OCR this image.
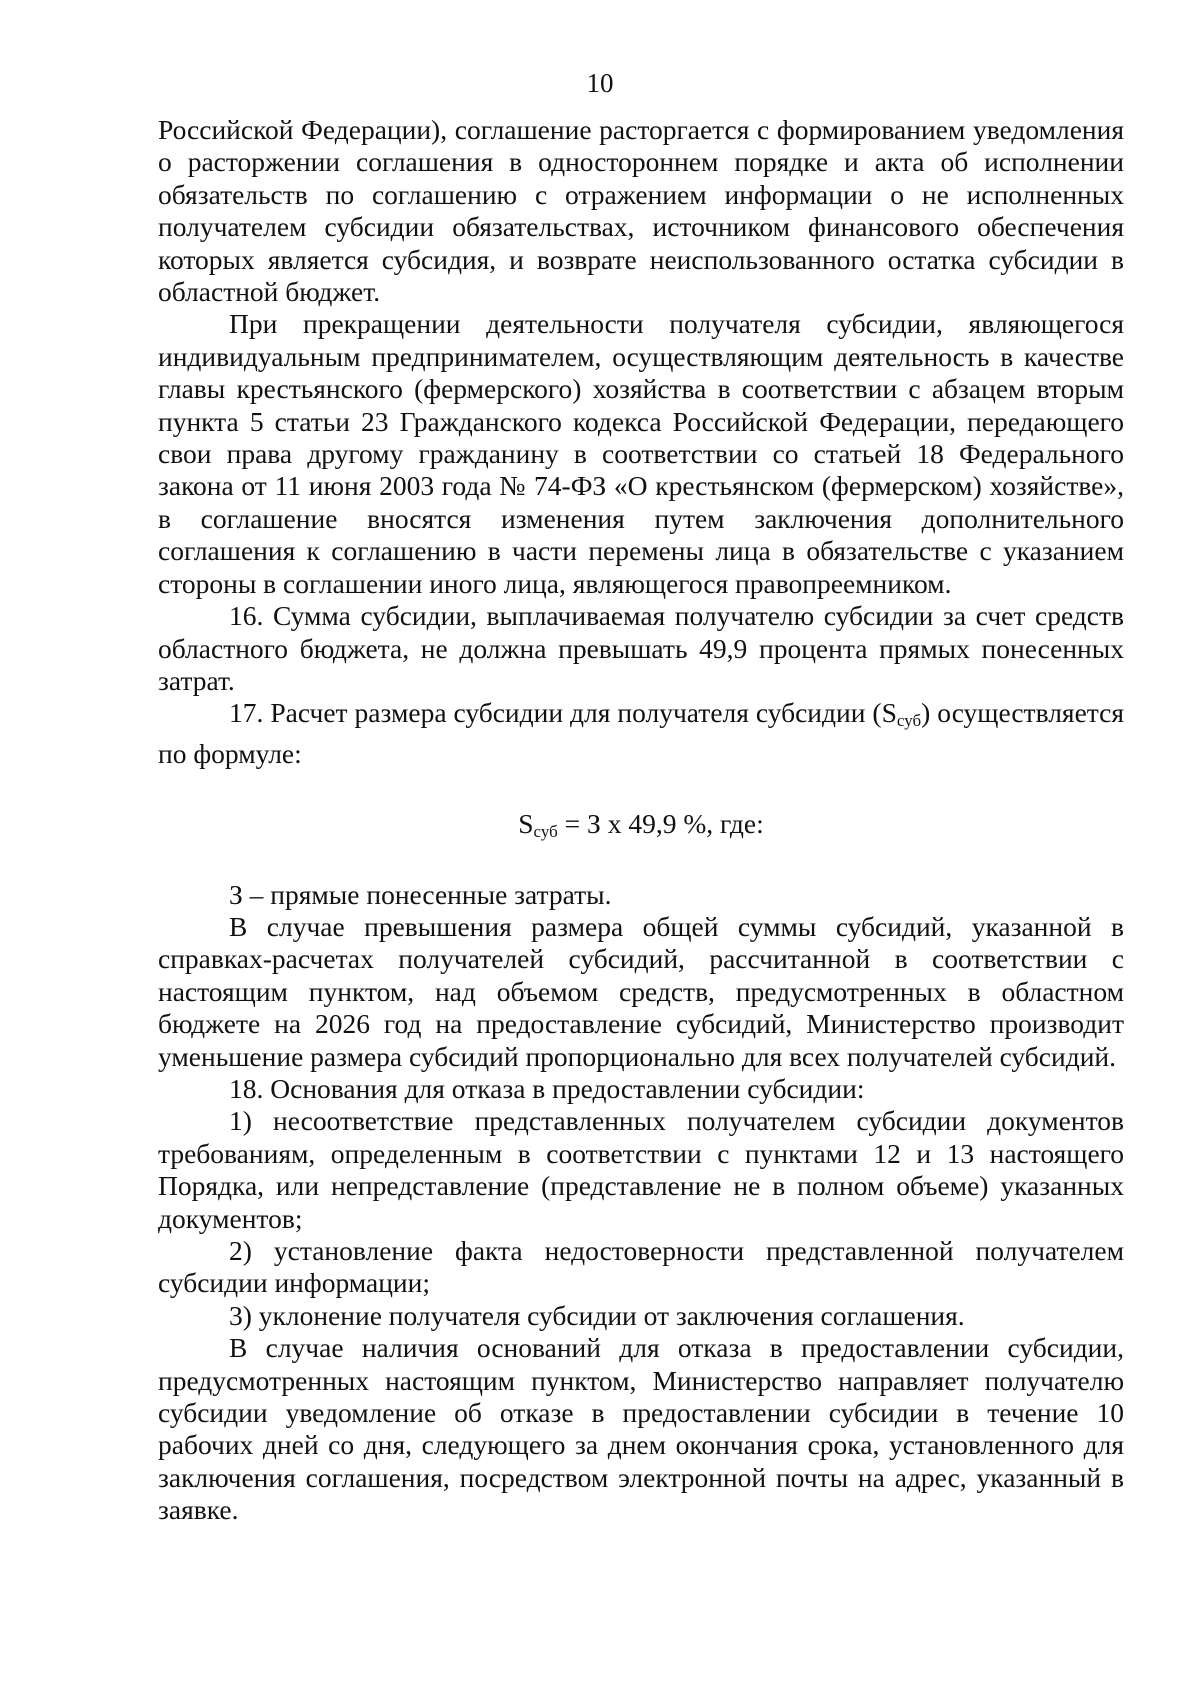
10

Российской Федерации), соглашение расторгается с формированием уведомления о расторжении соглашения в одностороннем порядке и акта об исполнении обязательств по соглашению с отражением информации о не исполненных получателем субсидии обязательствах, источником финансового обеспечения которых является субсидия, и возврате неиспользованного остатка субсидии в областной бюджет.

При прекращении деятельности получателя субсидии, являющегося индивидуальным предпринимателем, осуществляющим деятельность в качестве главы крестьянского (фермерского) хозяйства в соответствии с абзацем вторым пункта 5 статьи 23 Гражданского кодекса Российской Федерации, передающего свои права другому гражданину в соответствии со статьей 18 Федерального закона от 11 июня 2003 года № 74-ФЗ «О крестьянском (фермерском) хозяйстве», в соглашение вносятся изменения путем заключения дополнительного соглашения к соглашению в части перемены лица в обязательстве с указанием стороны в соглашении иного лица, являющегося правопреемником.

16. Сумма субсидии, выплачиваемая получателю субсидии за счет средств областного бюджета, не должна превышать 49,9 процента прямых понесенных затрат.

17. Расчет размера субсидии для получателя субсидии $(S_{суб})$ осуществляется по формуле:

$S_{суб} = З$ х 49,9 %, где:

З – прямые понесенные затраты.

В случае превышения размера общей суммы субсидий, указанной в справках-расчетах получателей субсидий, рассчитанной в соответствии с настоящим пунктом, над объемом средств, предусмотренных в областном бюджете на 2026 год на предоставление субсидий, Министерство производит уменьшение размера субсидий пропорционально для всех получателей субсидий.

18. Основания для отказа в предоставлении субсидии:

1) несоответствие представленных получателем субсидии документов требованиям, определенным в соответствии с пунктами 12 и 13 настоящего Порядка, или непредставление (представление не в полном объеме) указанных документов;

2) установление факта недостоверности представленной получателем субсидии информации;

3) уклонение получателя субсидии от заключения соглашения.

В случае наличия оснований для отказа в предоставлении субсидии, предусмотренных настоящим пунктом, Министерство направляет получателю субсидии уведомление об отказе в предоставлении субсидии в течение 10 рабочих дней со дня, следующего за днем окончания срока, установленного для заключения соглашения, посредством электронной почты на адрес, указанный в заявке.
